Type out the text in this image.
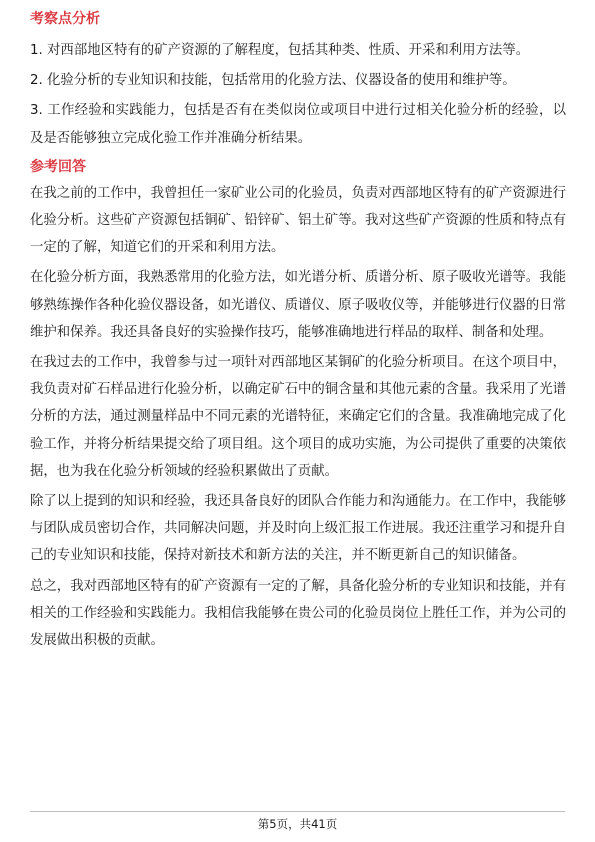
考察点分析

1. 对西部地区特有的矿产资源的了解程度，包括其种类、性质、开采和利用方法等。

2. 化验分析的专业知识和技能，包括常用的化验方法、仪器设备的使用和维护等。

3. 工作经验和实践能力，包括是否有在类似岗位或项目中进行过相关化验分析的经验，以及是否能够独立完成化验工作并准确分析结果。

参考回答

在我之前的工作中，我曾担任一家矿业公司的化验员，负责对西部地区特有的矿产资源进行化验分析。这些矿产资源包括铜矿、铅锌矿、铝土矿等。我对这些矿产资源的性质和特点有一定的了解，知道它们的开采和利用方法。

在化验分析方面，我熟悉常用的化验方法，如光谱分析、质谱分析、原子吸收光谱等。我能够熟练操作各种化验仪器设备，如光谱仪、质谱仪、原子吸收仪等，并能够进行仪器的日常维护和保养。我还具备良好的实验操作技巧，能够准确地进行样品的取样、制备和处理。

在我过去的工作中，我曾参与过一项针对西部地区某铜矿的化验分析项目。在这个项目中，我负责对矿石样品进行化验分析，以确定矿石中的铜含量和其他元素的含量。我采用了光谱分析的方法，通过测量样品中不同元素的光谱特征，来确定它们的含量。我准确地完成了化验工作，并将分析结果提交给了项目组。这个项目的成功实施，为公司提供了重要的决策依据，也为我在化验分析领域的经验积累做出了贡献。

除了以上提到的知识和经验，我还具备良好的团队合作能力和沟通能力。在工作中，我能够与团队成员密切合作，共同解决问题，并及时向上级汇报工作进展。我还注重学习和提升自己的专业知识和技能，保持对新技术和新方法的关注，并不断更新自己的知识储备。

总之，我对西部地区特有的矿产资源有一定的了解，具备化验分析的专业知识和技能，并有相关的工作经验和实践能力。我相信我能够在贵公司的化验员岗位上胜任工作，并为公司的发展做出积极的贡献。

第5页，共41页
